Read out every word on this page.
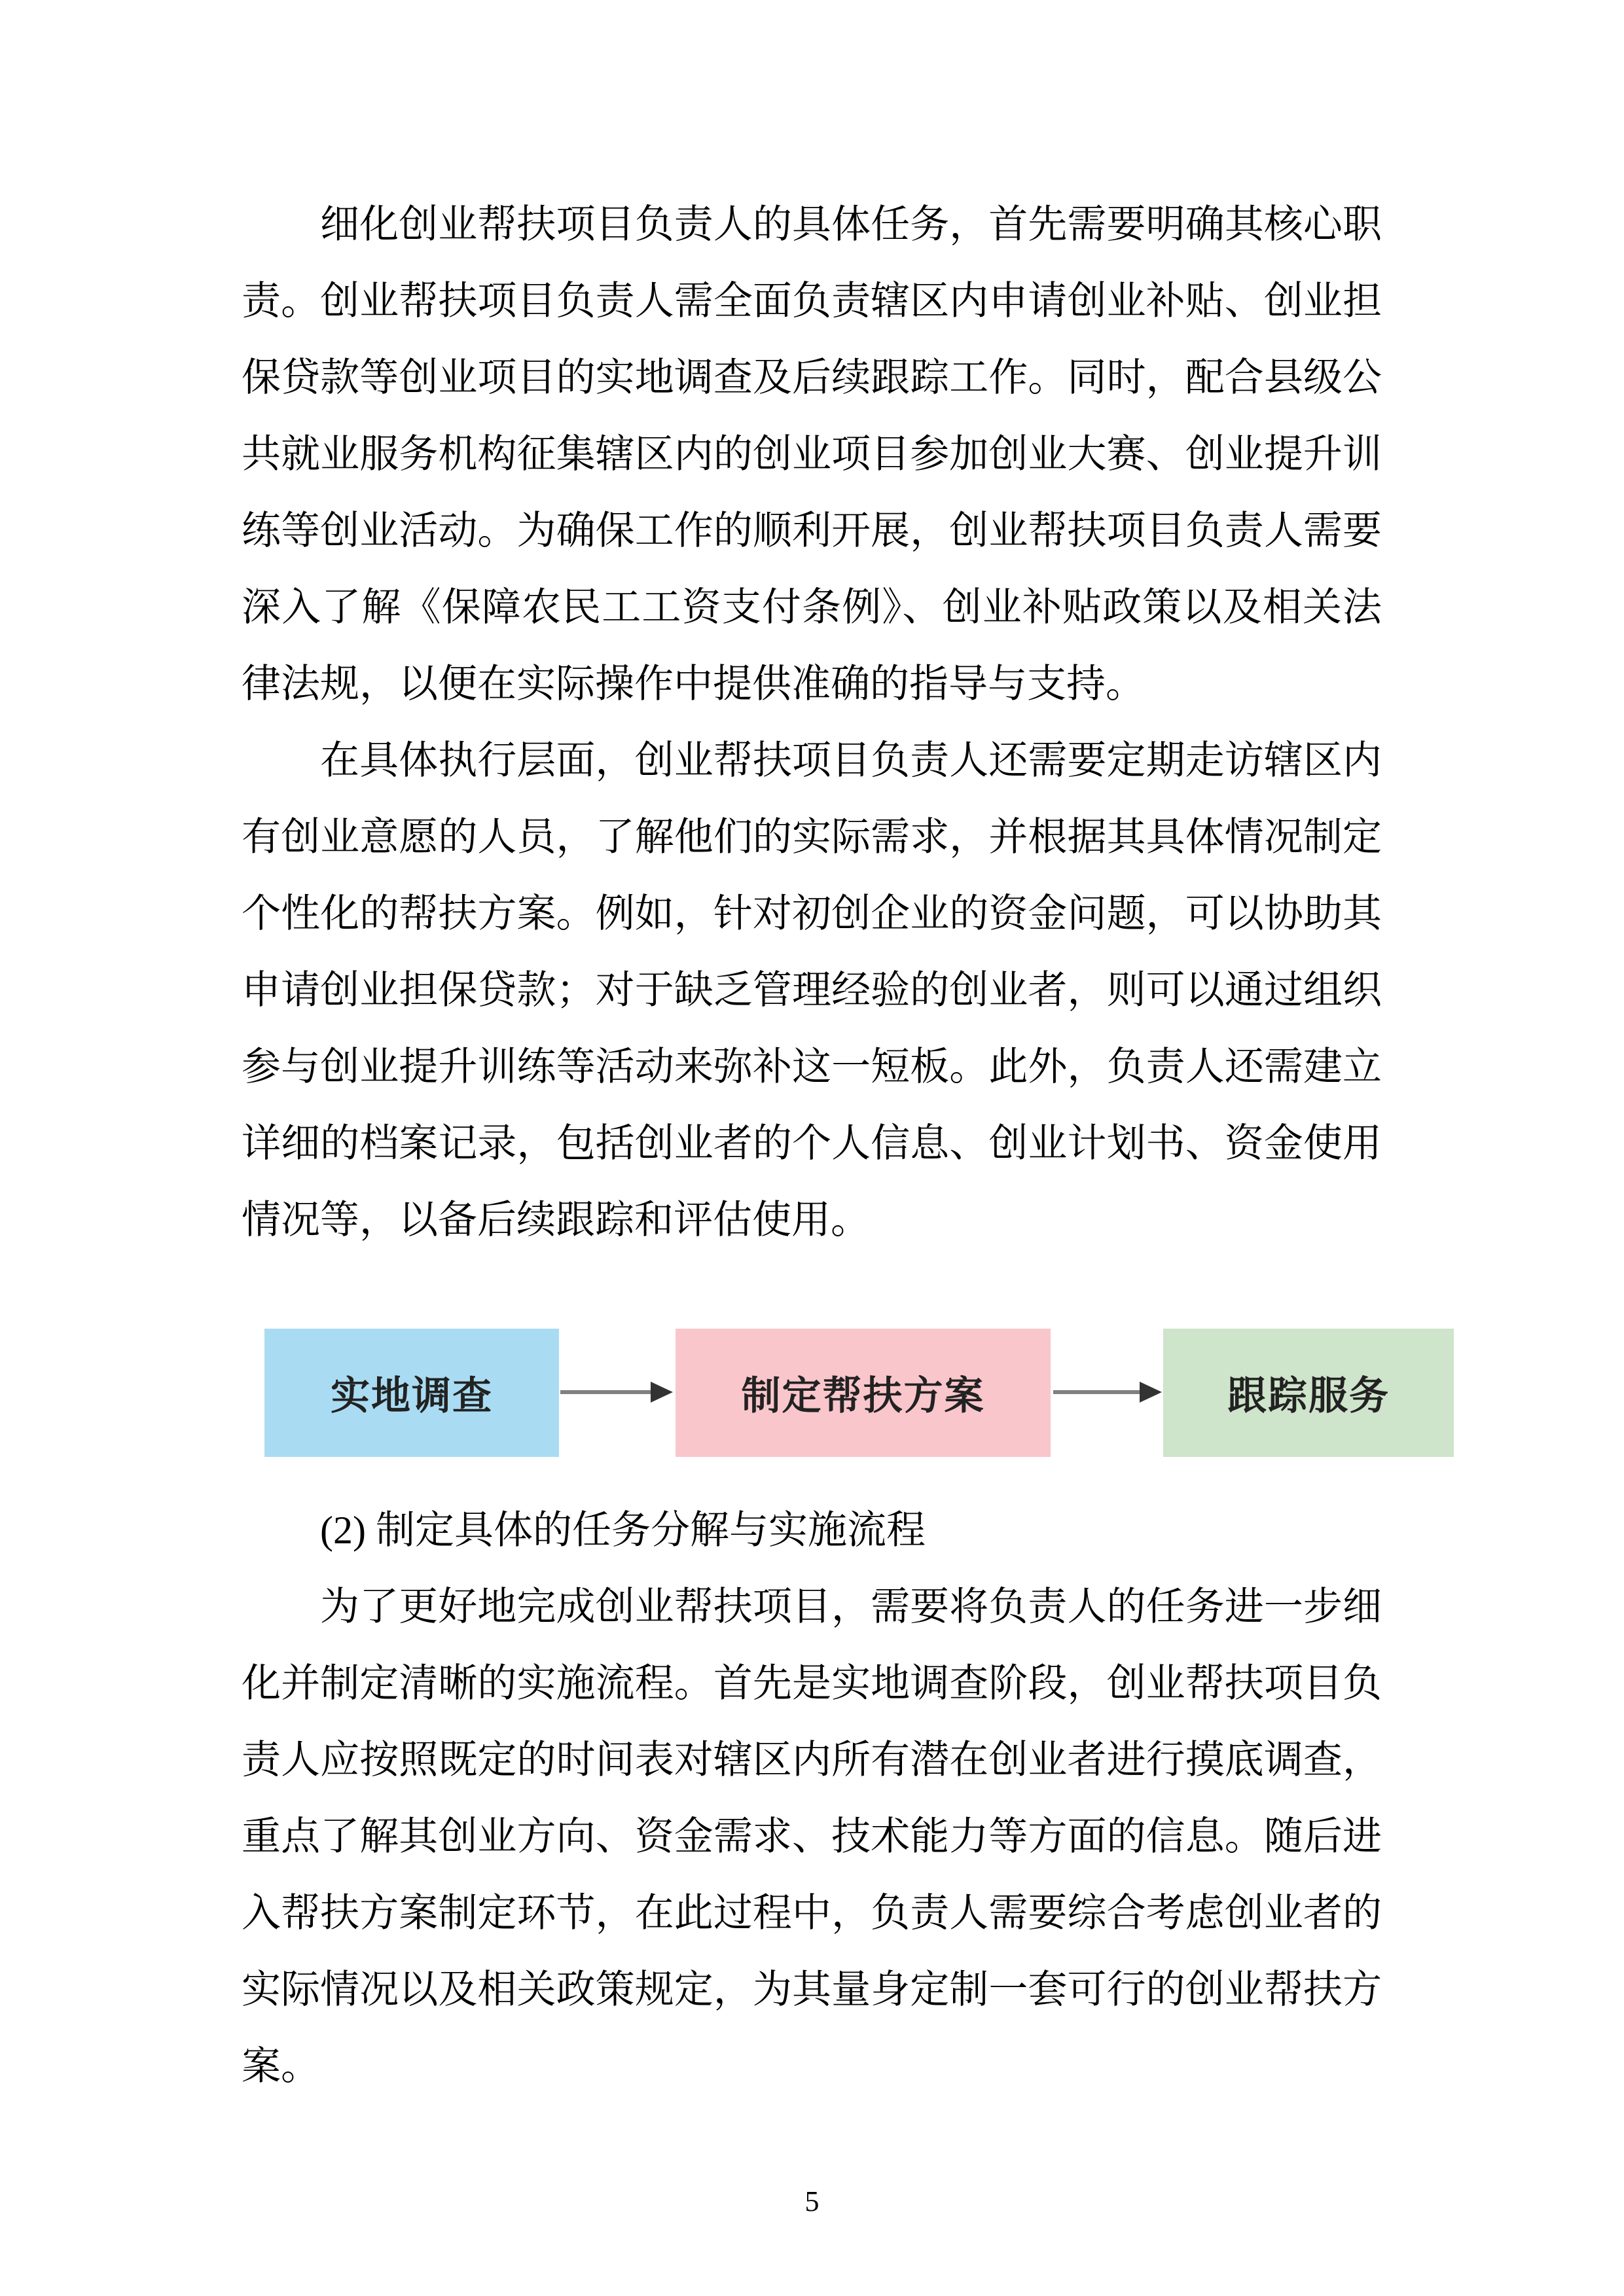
细化创业帮扶项目负责人的具体任务，首先需要明确其核心职责。创业帮扶项目负责人需全面负责辖区内申请创业补贴、创业担保贷款等创业项目的实地调查及后续跟踪工作。同时，配合县级公共就业服务机构征集辖区内的创业项目参加创业大赛、创业提升训练等创业活动。为确保工作的顺利开展，创业帮扶项目负责人需要深入了解《保障农民工工资支付条例》、创业补贴政策以及相关法律法规，以便在实际操作中提供准确的指导与支持。

在具体执行层面，创业帮扶项目负责人还需要定期走访辖区内有创业意愿的人员，了解他们的实际需求，并根据其具体情况制定个性化的帮扶方案。例如，针对初创企业的资金问题，可以协助其申请创业担保贷款；对于缺乏管理经验的创业者，则可以通过组织参与创业提升训练等活动来弥补这一短板。此外，负责人还需建立详细的档案记录，包括创业者的个人信息、创业计划书、资金使用情况等，以备后续跟踪和评估使用。

实地调查	制定帮扶方案	跟踪服务
(2) 制定具体的任务分解与实施流程

为了更好地完成创业帮扶项目，需要将负责人的任务进一步细化并制定清晰的实施流程。首先是实地调查阶段，创业帮扶项目负责人应按照既定的时间表对辖区内所有潜在创业者进行摸底调查，重点了解其创业方向、资金需求、技术能力等方面的信息。随后进入帮扶方案制定环节，在此过程中，负责人需要综合考虑创业者的实际情况以及相关政策规定，为其量身定制一套可行的创业帮扶方案。

5
